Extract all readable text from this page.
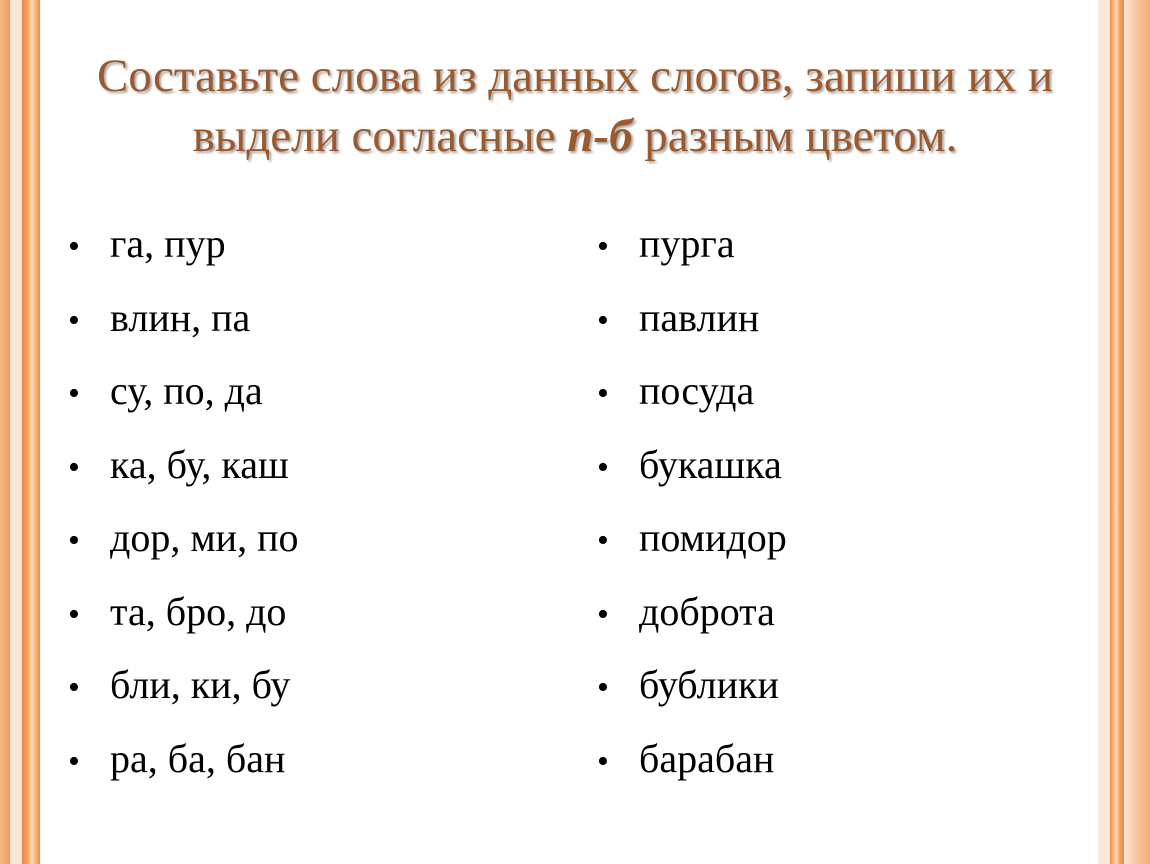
Составьте слова из данных слогов, запиши их и выдели согласные п-б разным цветом.
• га, пур
• влин, па
• су, по, да
• ка, бу, каш
• дор, ми, по
• та, бро, до
• бли, ки, бу
• ра, ба, бан
• пурга
• павлин
• посуда
• букашка
• помидор
• доброта
• бублики
• барабан
